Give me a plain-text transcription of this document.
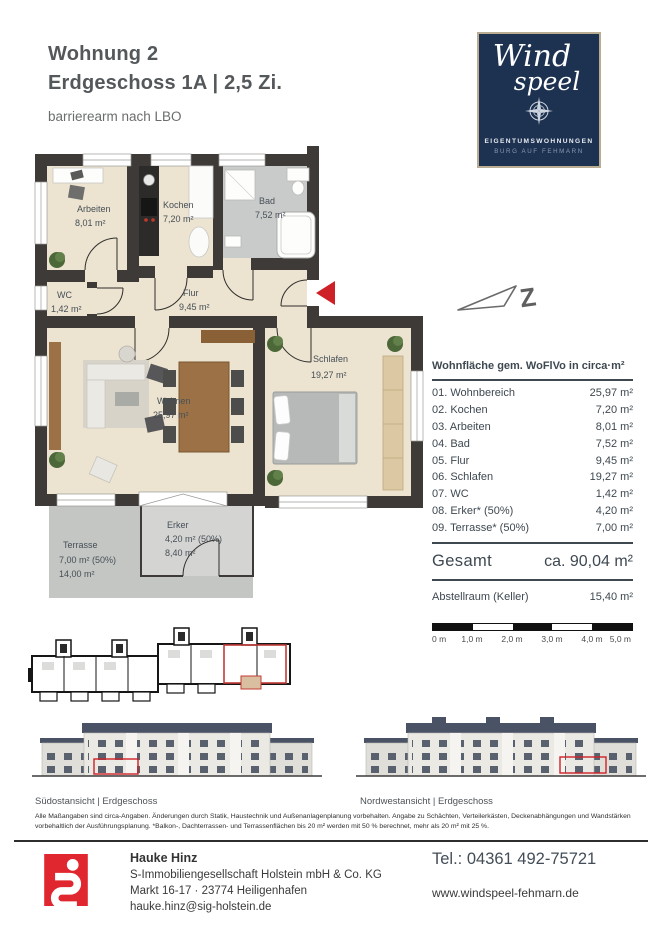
Wohnung 2
Erdgeschoss 1A | 2,5 Zi.
barrierearm nach LBO
Wind
speel
EIGENTUMSWOHNUNGEN
BURG AUF FEHMARN
Arbeiten
8,01 m²
Kochen
7,20 m²
Bad
7,52 m²
WC
1,42 m²
Flur
9,45 m²
Wohnen
25,97 m²
Schlafen
19,27 m²
Erker
4,20 m² (50%)
8,40 m²
Terrasse
7,00 m² (50%)
14,00 m²
Z
Wohnfläche gem. WoFlVo in circa·m²
01. Wohnbereich	25,97 m²
02. Kochen	7,20 m²
03. Arbeiten	8,01 m²
04. Bad	7,52 m²
05. Flur	9,45 m²
06. Schlafen	19,27 m²
07. WC	1,42 m²
08. Erker* (50%)	4,20 m²
09. Terrasse* (50%)	7,00 m²
Gesamt	ca. 90,04 m²
Abstellraum (Keller)	15,40 m²
0 m 1,0 m 2,0 m 3,0 m 4,0 m 5,0 m
Südostansicht | Erdgeschoss	Nordwestansicht | Erdgeschoss
Alle Maßangaben sind circa-Angaben. Änderungen durch Statik, Haustechnik und Außenanlagenplanung vorbehalten. Angabe zu Schächten, Verteilerkästen, Deckenabhängungen und Wandstärken vorbehaltlich der Ausführungsplanung. *Balkon-, Dachterrassen- und Terrassenflächen bis 20 m² werden mit 50 % berechnet, mehr als 20 m² mit 25 %.
Hauke Hinz
S-Immobiliengesellschaft Holstein mbH & Co. KG
Markt 16-17 · 23774 Heiligenhafen
hauke.hinz@sig-holstein.de
Tel.: 04361 492-75721
www.windspeel-fehmarn.de
